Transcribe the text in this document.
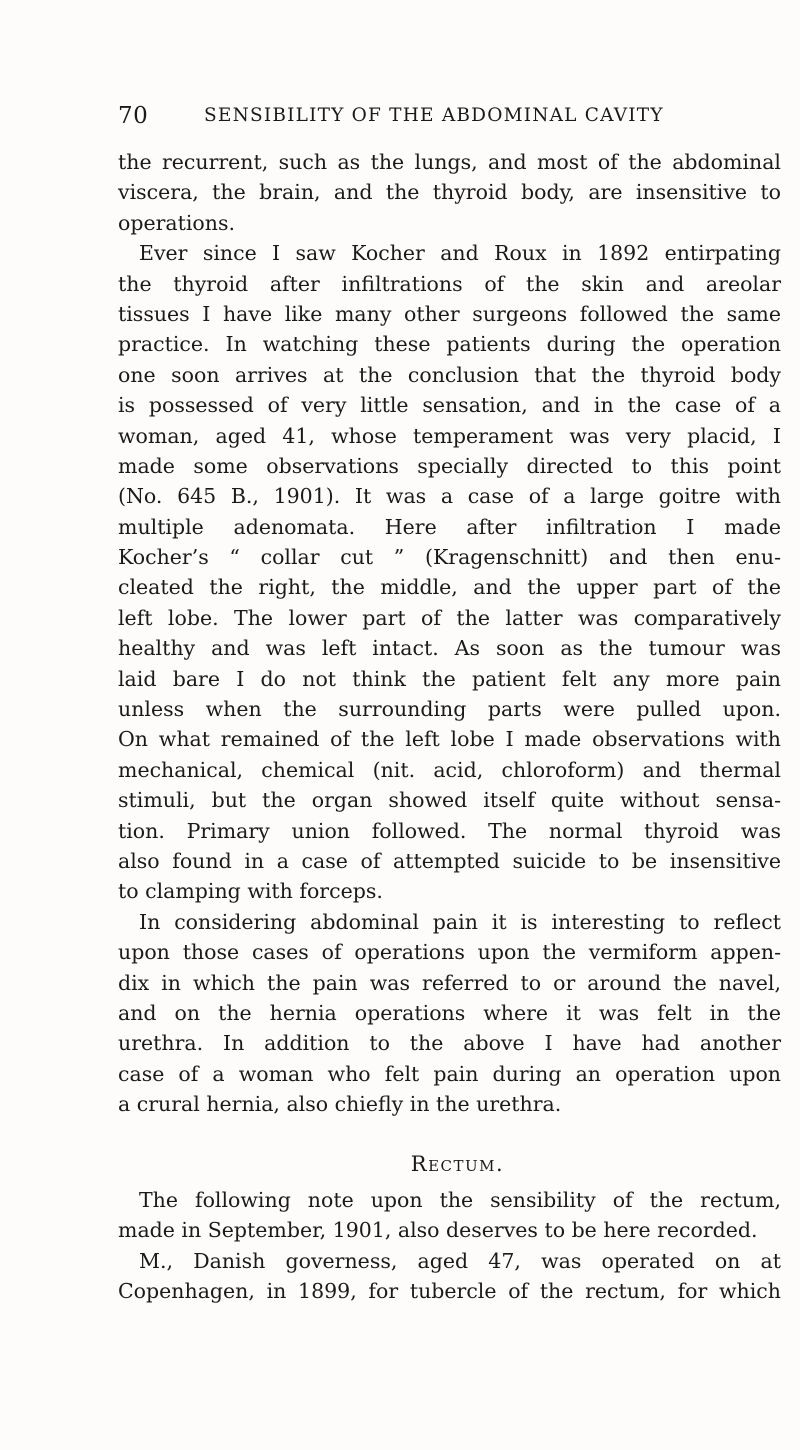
70	SENSIBILITY OF THE ABDOMINAL CAVITY
the recurrent, such as the lungs, and most of the abdominal
viscera, the brain, and the thyroid body, are insensitive to
operations.
Ever since I saw Kocher and Roux in 1892 entirpating
the thyroid after infiltrations of the skin and areolar
tissues I have like many other surgeons followed the same
practice. In watching these patients during the operation
one soon arrives at the conclusion that the thyroid body
is possessed of very little sensation, and in the case of a
woman, aged 41, whose temperament was very placid, I
made some observations specially directed to this point
(No. 645 B., 1901). It was a case of a large goitre with
multiple adenomata. Here after infiltration I made
Kocher’s “ collar cut ” (Kragenschnitt) and then enu-
cleated the right, the middle, and the upper part of the
left lobe. The lower part of the latter was comparatively
healthy and was left intact. As soon as the tumour was
laid bare I do not think the patient felt any more pain
unless when the surrounding parts were pulled upon.
On what remained of the left lobe I made observations with
mechanical, chemical (nit. acid, chloroform) and thermal
stimuli, but the organ showed itself quite without sensa-
tion. Primary union followed. The normal thyroid was
also found in a case of attempted suicide to be insensitive
to clamping with forceps.
In considering abdominal pain it is interesting to reflect
upon those cases of operations upon the vermiform appen-
dix in which the pain was referred to or around the navel,
and on the hernia operations where it was felt in the
urethra. In addition to the above I have had another
case of a woman who felt pain during an operation upon
a crural hernia, also chiefly in the urethra.
Rectum.
The following note upon the sensibility of the rectum,
made in September, 1901, also deserves to be here recorded.
M., Danish governess, aged 47, was operated on at
Copenhagen, in 1899, for tubercle of the rectum, for which
